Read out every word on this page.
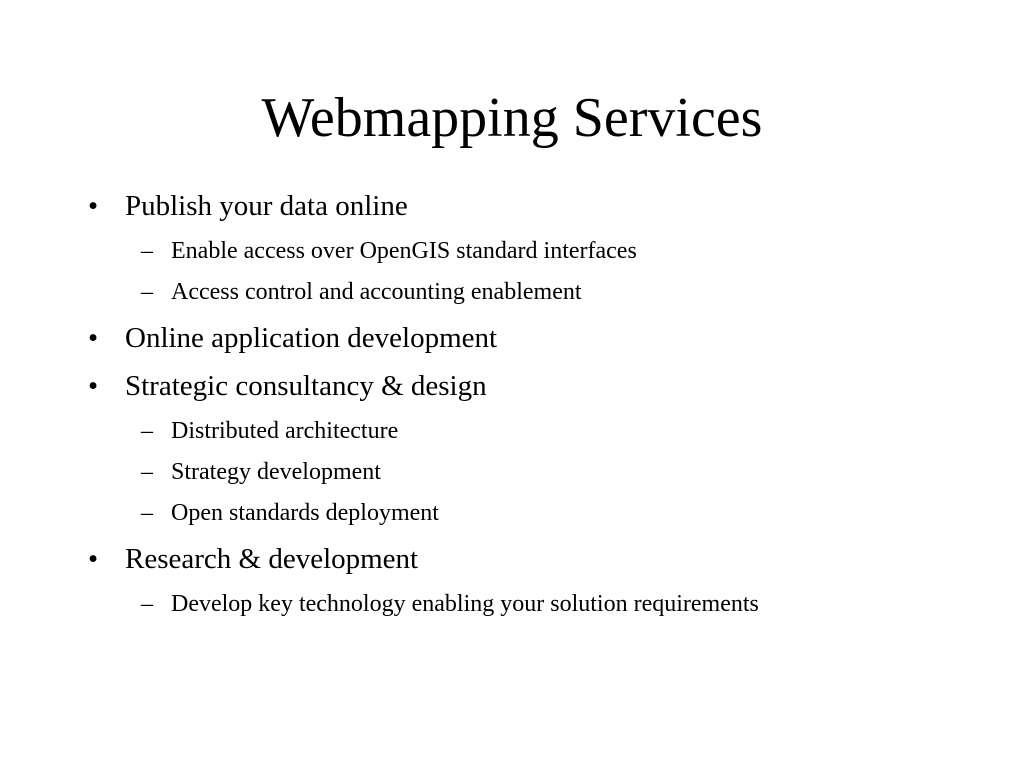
Webmapping Services
• Publish your data online
– Enable access over OpenGIS standard interfaces
– Access control and accounting enablement
• Online application development
• Strategic consultancy & design
– Distributed architecture
– Strategy development
– Open standards deployment
• Research & development
– Develop key technology enabling your solution requirements
